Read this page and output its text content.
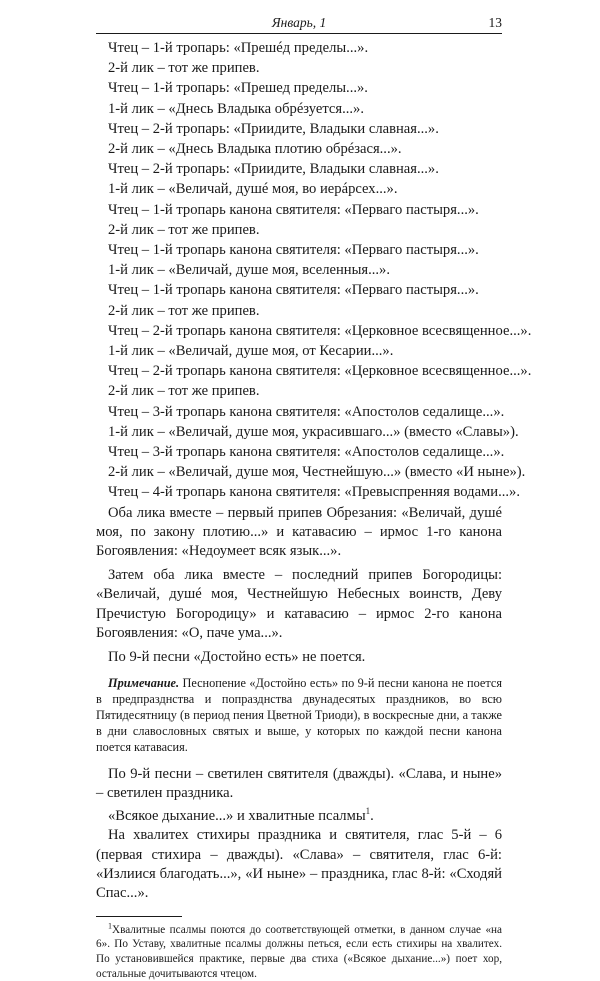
Январь, 1	13
Чтец – 1-й тропарь: «Прешéд пределы...».
2-й лик – тот же припев.
Чтец – 1-й тропарь: «Прешед пределы...».
1-й лик – «Днесь Владыка обрéзуется...».
Чтец – 2-й тропарь: «Приидите, Владыки славная...».
2-й лик – «Днесь Владыка плотию обрéзася...».
Чтец – 2-й тропарь: «Приидите, Владыки славная...».
1-й лик – «Величай, душé моя, во иерáрсех...».
Чтец – 1-й тропарь канона святителя: «Первaго пастыря...».
2-й лик – тот же припев.
Чтец – 1-й тропарь канона святителя: «Первaго пастыря...».
1-й лик – «Величай, душе моя, вселенныя...».
Чтец – 1-й тропарь канона святителя: «Первaго пастыря...».
2-й лик – тот же припев.
Чтец – 2-й тропарь канона святителя: «Церковное всесвященное...».
1-й лик – «Величай, душе моя, от Кесарии...».
Чтец – 2-й тропарь канона святителя: «Церковное всесвященное...».
2-й лик – тот же припев.
Чтец – 3-й тропарь канона святителя: «Апостолов седалище...».
1-й лик – «Величай, душе моя, украсившаго...» (вместо «Славы»).
Чтец – 3-й тропарь канона святителя: «Апостолов седалище...».
2-й лик – «Величай, душе моя, Честнейшую...» (вместо «И ныне»).
Чтец – 4-й тропарь канона святителя: «Превыспренняя водами...».

Оба лика вместе – первый припев Обрезания: «Величай, душé моя, по закону плотию...» и катавасию – ирмос 1-го канона Богоявления: «Недоумеет всяк язык...».

Затем оба лика вместе – последний припев Богородицы: «Величай, душé моя, Честнейшую Небесных воинств, Деву Пречистую Богородицу» и катавасию – ирмос 2-го канона Богоявления: «О, паче ума...».

По 9-й песни «Достойно есть» не поется.

Примечание. Песнопение «Достойно есть» по 9-й песни канона не поется в предпразднства и попразднства двунадесятых праздников, во всю Пятидесятницу (в период пения Цветной Триоди), в воскресные дни, а также в дни славословных святых и выше, у которых по каждой песни канона поется катавасия.

По 9-й песни – светилен святителя (дважды). «Слава, и ныне» – светилен праздника.

«Всякое дыхание...» и хвалитные псалмы$^1$.

На хвалитех стихиры праздника и святителя, глас 5-й – 6 (первая стихира – дважды). «Слава» – святителя, глас 6-й: «Излиися благодать...», «И ныне» – праздника, глас 8-й: «Сходяй Спас...».

$^1$Хвалитные псалмы поются до соответствующей отметки, в данном случае «на 6». По Уставу, хвалитные псалмы должны петься, если есть стихиры на хвалитех. По установившейся практике, первые два стиха («Всякое дыхание...») поет хор, остальные дочитываются чтецом.
